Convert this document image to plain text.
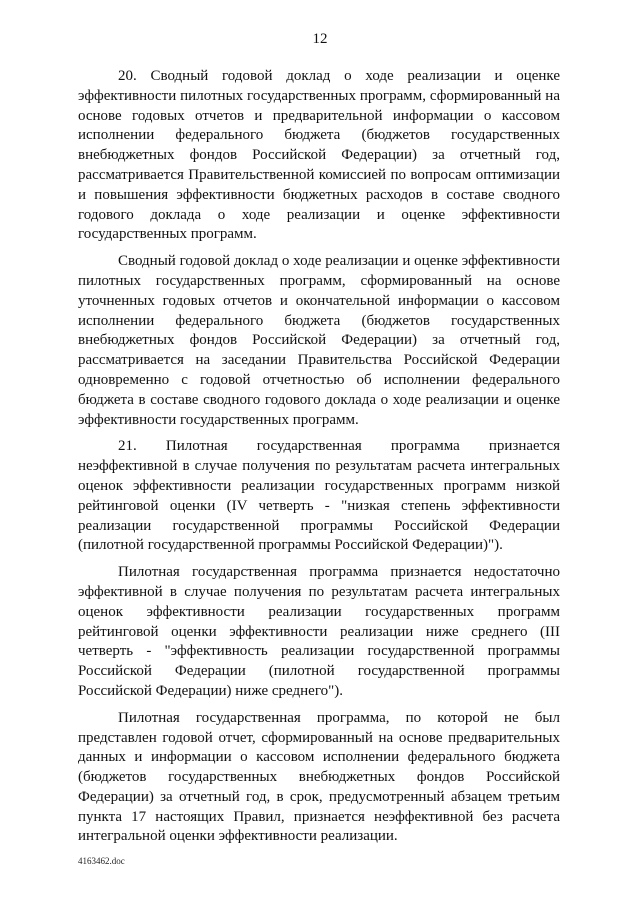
12

20. Сводный годовой доклад о ходе реализации и оценке эффективности пилотных государственных программ, сформированный на основе годовых отчетов и предварительной информации о кассовом исполнении федерального бюджета (бюджетов государственных внебюджетных фондов Российской Федерации) за отчетный год, рассматривается Правительственной комиссией по вопросам оптимизации и повышения эффективности бюджетных расходов в составе сводного годового доклада о ходе реализации и оценке эффективности государственных программ.

Сводный годовой доклад о ходе реализации и оценке эффективности пилотных государственных программ, сформированный на основе уточненных годовых отчетов и окончательной информации о кассовом исполнении федерального бюджета (бюджетов государственных внебюджетных фондов Российской Федерации) за отчетный год, рассматривается на заседании Правительства Российской Федерации одновременно с годовой отчетностью об исполнении федерального бюджета в составе сводного годового доклада о ходе реализации и оценке эффективности государственных программ.

21. Пилотная государственная программа признается неэффективной в случае получения по результатам расчета интегральных оценок эффективности реализации государственных программ низкой рейтинговой оценки (IV четверть - "низкая степень эффективности реализации государственной программы Российской Федерации (пилотной государственной программы Российской Федерации)").

Пилотная государственная программа признается недостаточно эффективной в случае получения по результатам расчета интегральных оценок эффективности реализации государственных программ рейтинговой оценки эффективности реализации ниже среднего (III четверть - "эффективность реализации государственной программы Российской Федерации (пилотной государственной программы Российской Федерации) ниже среднего").

Пилотная государственная программа, по которой не был представлен годовой отчет, сформированный на основе предварительных данных и информации о кассовом исполнении федерального бюджета (бюджетов государственных внебюджетных фондов Российской Федерации) за отчетный год, в срок, предусмотренный абзацем третьим пункта 17 настоящих Правил, признается неэффективной без расчета интегральной оценки эффективности реализации.

4163462.doc
